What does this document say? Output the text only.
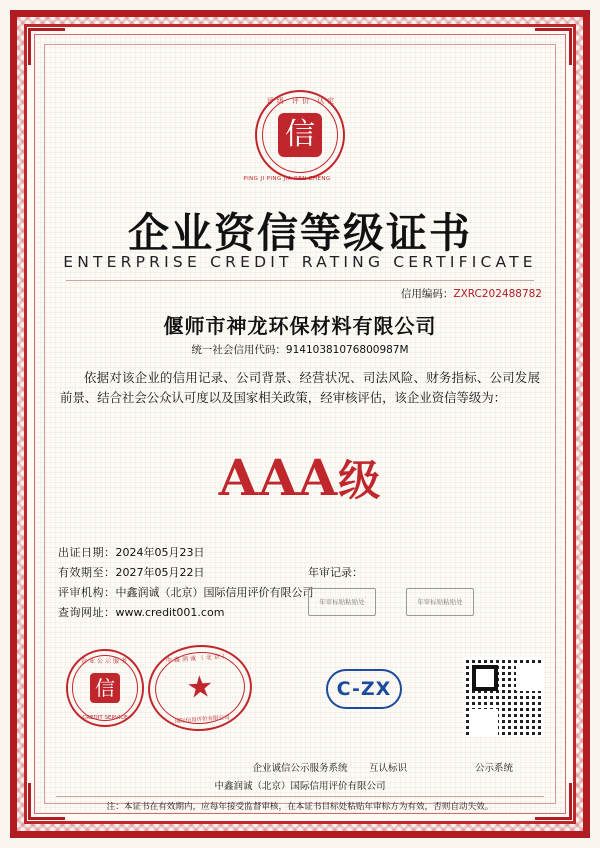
评级 评价 认定
信
PING JI PING JIA REN ZHENG
企业资信等级证书
ENTERPRISE CREDIT RATING CERTIFICATE
信用编码：ZXRC202488782
偃师市神龙环保材料有限公司
统一社会信用代码：91410381076800987M
依据对该企业的信用记录、公司背景、经营状况、司法风险、财务指标、公司发展前景、结合社会公众认可度以及国家相关政策，经审核评估，该企业资信等级为：
AAA级
出证日期：2024年05月23日
有效期至：2027年05月22日
评审机构：中鑫润诚（北京）国际信用评价有限公司
查询网址：www.credit001.com
年审记录：
年审标贴粘贴处	年审标贴粘贴处
企业公示服务
信
CREDIT SERVICE
中鑫润诚（北京）
★
国际信用评价有限公司
C-ZX
企业诚信公示服务系统
中鑫润诚（北京）国际信用评价有限公司
互认标识	公示系统
注：本证书在有效期内，应每年接受监督审核，在本证书目标处粘贴年审标方为有效，否则自动失效。
